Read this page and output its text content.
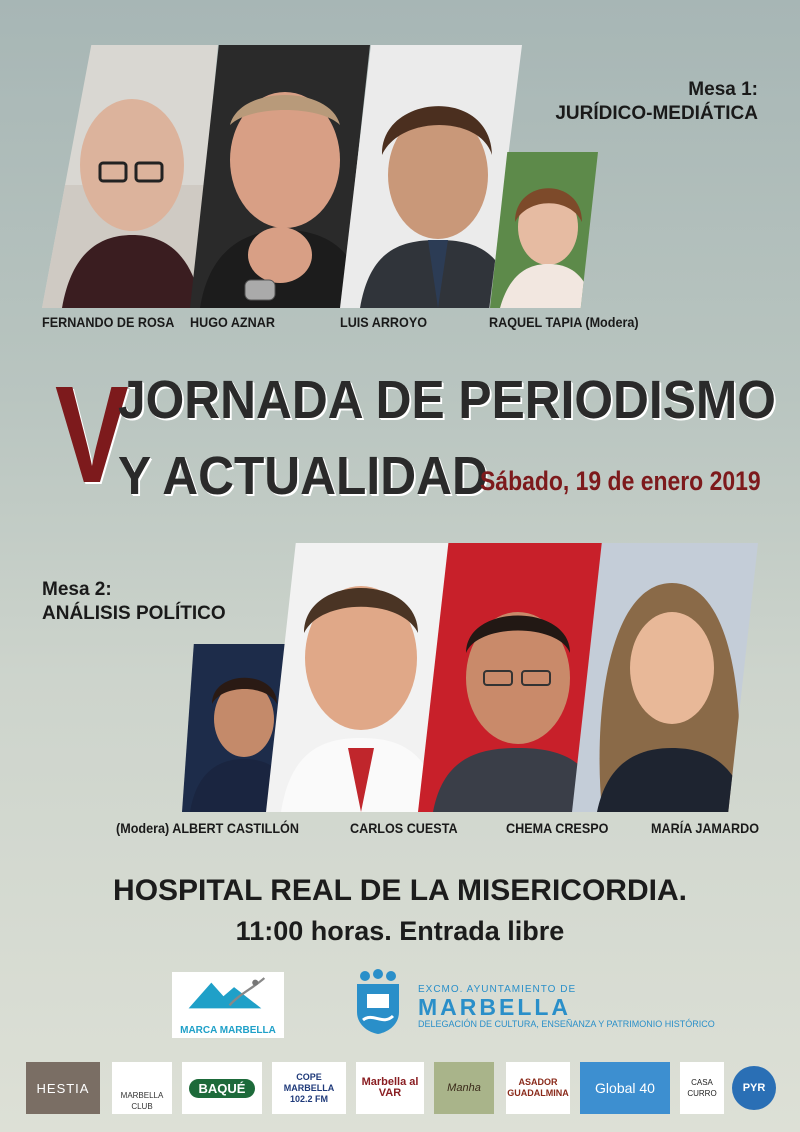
FERNANDO DE ROSA HUGO AZNAR	LUIS ARROYO	RAQUEL TAPIA (Modera)
Mesa 1:
JURÍDICO-MEDIÁTICA
V
JORNADA DE PERIODISMO
Y ACTUALIDAD
Sábado, 19 de enero 2019
Mesa 2:
ANÁLISIS POLÍTICO
(Modera) ALBERT CASTILLÓN	CARLOS CUESTA	CHEMA CRESPO	MARÍA JAMARDO
HOSPITAL REAL DE LA MISERICORDIA.
11:00 horas. Entrada libre
MARCA MARBELLA
EXCMO. AYUNTAMIENTO DE
MARBELLA
DELEGACIÓN DE CULTURA, ENSEÑANZA Y PATRIMONIO HISTÓRICO
HESTIA	MARBELLA CLUB
BAQUÉ
COPE MARBELLA 102.2 FM
Marbella al VAR	Manha	ASADOR GUADALMINA Global 40	CASA CURRO	PYR
